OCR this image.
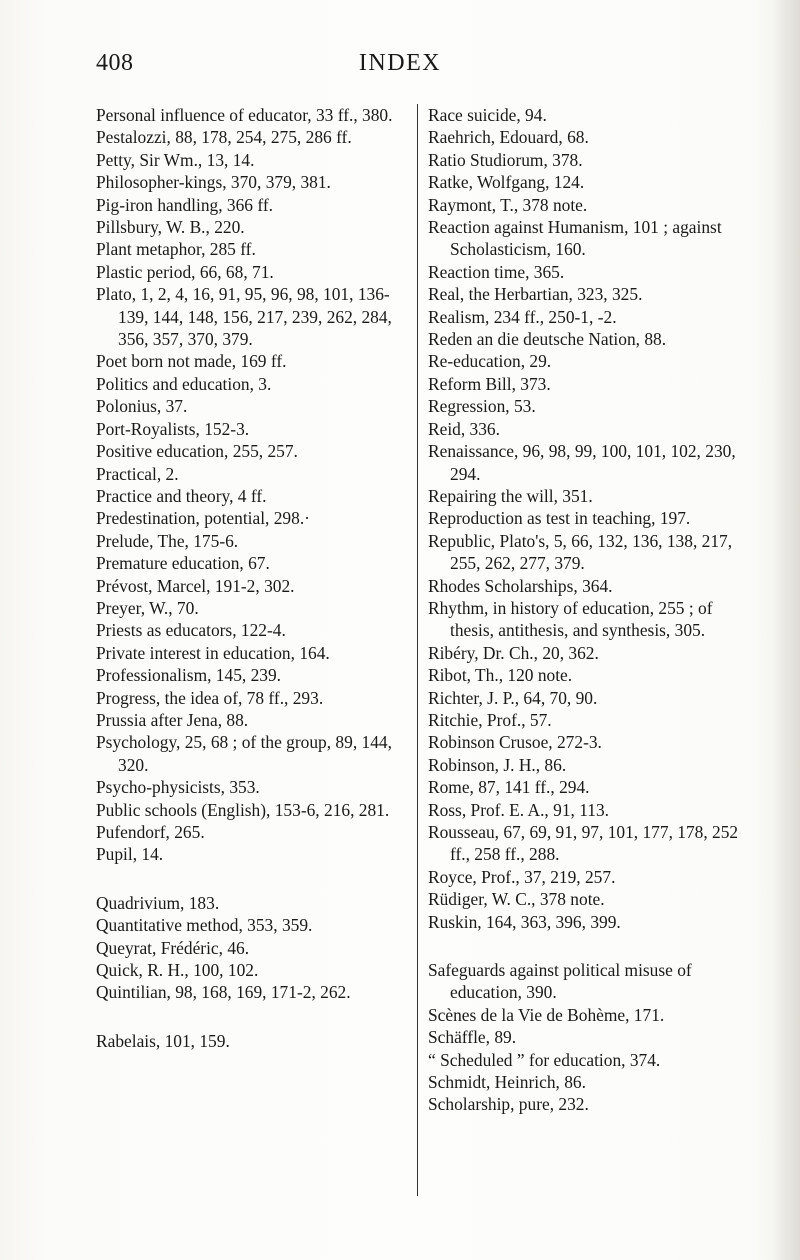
408	INDEX

Personal influence of educator, 33 ff., 380.

Pestalozzi, 88, 178, 254, 275, 286 ff.

Petty, Sir Wm., 13, 14.

Philosopher-kings, 370, 379, 381.

Pig-iron handling, 366 ff.

Pillsbury, W. B., 220.

Plant metaphor, 285 ff.

Plastic period, 66, 68, 71.

Plato, 1, 2, 4, 16, 91, 95, 96, 98, 101, 136-139, 144, 148, 156, 217, 239, 262, 284, 356, 357, 370, 379.

Poet born not made, 169 ff.

Politics and education, 3.

Polonius, 37.

Port-Royalists, 152-3.

Positive education, 255, 257.

Practical, 2.

Practice and theory, 4 ff.

Predestination, potential, 298.·

Prelude, The, 175-6.

Premature education, 67.

Prévost, Marcel, 191-2, 302.

Preyer, W., 70.

Priests as educators, 122-4.

Private interest in education, 164.

Professionalism, 145, 239.

Progress, the idea of, 78 ff., 293.

Prussia after Jena, 88.

Psychology, 25, 68 ; of the group, 89, 144, 320.

Psycho-physicists, 353.

Public schools (English), 153-6, 216, 281.

Pufendorf, 265.

Pupil, 14.

Quadrivium, 183.

Quantitative method, 353, 359.

Queyrat, Frédéric, 46.

Quick, R. H., 100, 102.

Quintilian, 98, 168, 169, 171-2, 262.

Rabelais, 101, 159.

Race suicide, 94.

Raehrich, Edouard, 68.

Ratio Studiorum, 378.

Ratke, Wolfgang, 124.

Raymont, T., 378 note.

Reaction against Humanism, 101 ; against Scholasticism, 160.

Reaction time, 365.

Real, the Herbartian, 323, 325.

Realism, 234 ff., 250-1, -2.

Reden an die deutsche Nation, 88.

Re-education, 29.

Reform Bill, 373.

Regression, 53.

Reid, 336.

Renaissance, 96, 98, 99, 100, 101, 102, 230, 294.

Repairing the will, 351.

Reproduction as test in teaching, 197.

Republic, Plato's, 5, 66, 132, 136, 138, 217, 255, 262, 277, 379.

Rhodes Scholarships, 364.

Rhythm, in history of education, 255 ; of thesis, antithesis, and synthesis, 305.

Ribéry, Dr. Ch., 20, 362.

Ribot, Th., 120 note.

Richter, J. P., 64, 70, 90.

Ritchie, Prof., 57.

Robinson Crusoe, 272-3.

Robinson, J. H., 86.

Rome, 87, 141 ff., 294.

Ross, Prof. E. A., 91, 113.

Rousseau, 67, 69, 91, 97, 101, 177, 178, 252 ff., 258 ff., 288.

Royce, Prof., 37, 219, 257.

Rüdiger, W. C., 378 note.

Ruskin, 164, 363, 396, 399.

Safeguards against political misuse of education, 390.

Scènes de la Vie de Bohème, 171.

Schäffle, 89.

“ Scheduled ” for education, 374.

Schmidt, Heinrich, 86.

Scholarship, pure, 232.
